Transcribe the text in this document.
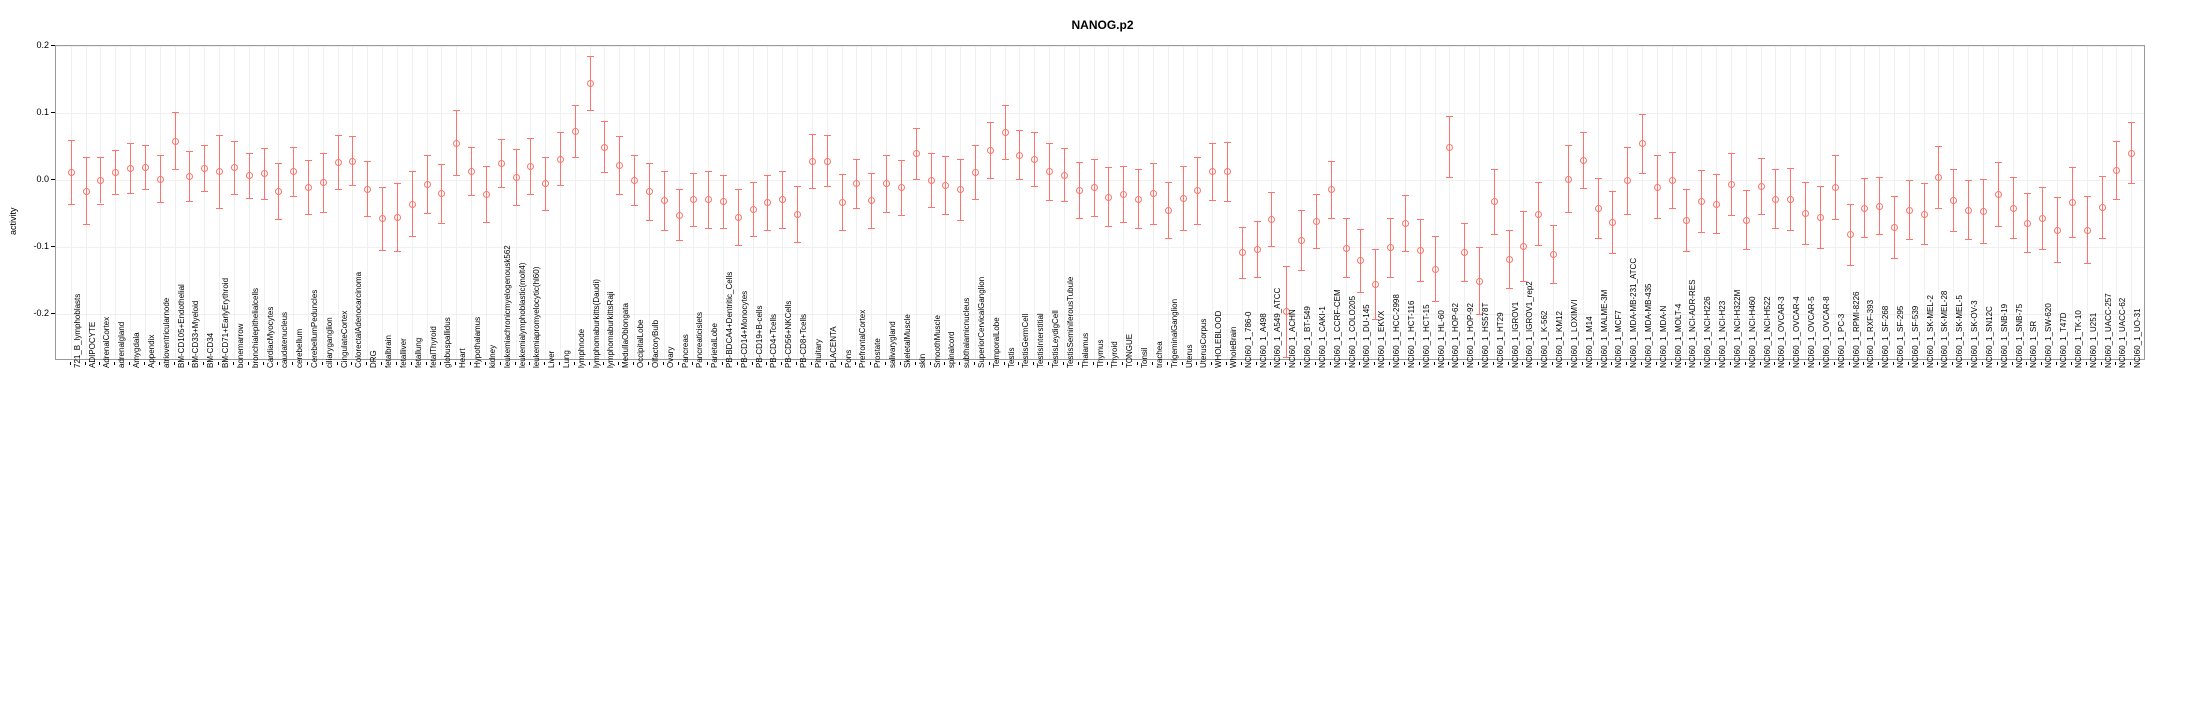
NANOG.p2
activity
0.2
0.1
0.0
-0.1
-0.2	721_B_lymphoblasts ADIPOCYTE AdrenalCortex adrenalgland Amygdala Appendix atrioventricularnode BM-CD105+Endothelial BM-CD33+Myeloid BM-CD34 BM-CD71+EarlyErythroid bonemarrow bronchialepithelialcells CardiacMyocytes caudatenucleus cerebellum CerebellumPeduncles ciliaryganglion CingulateCortex ColorectalAdenocarcinoma DRG fetalbrain fetalliver fetallung fetalThyroid globuspallidus Heart Hypothalamus kidney leukemiachronicmyelogenousk562 leukemialymphoblastic(molt4) leukemiapromyelocytic(hl60) Liver Lung lymphnode lymphomaburkitts(Daudi) lymphomaburkittsRaji MedullaOblongata OccipitalLobe OlfactoryBulb Ovary Pancreas Pancreaticislets ParietalLobe PB-BDCA4+Dentritic_Cells PB-CD14+Monocytes PB-CD19+B-cells PB-CD4+Tcells PB-CD56+NKCells PB-CD8+Tcells Pituitary PLACENTA Pons PrefrontalCortex Prostate salivarygland SkeletalMuscle skin SmoothMuscle spinalcord subthalamicnucleus SuperiorCervicalGanglion TemporalLobe Testis TestisGermCell TestisInterstitial TestisLeydigCell TestisSeminiferousTubule Thalamus Thymus Thyroid TONGUE Tonsil trachea TrigeminalGanglion Uterus UterusCorpus WHOLEBLOOD WholeBrain NCI60_1_786-0 NCI60_1_A498 NCI60_1_A549_ATCC NCI60_1_ACHN NCI60_1_BT-549 NCI60_1_CAKI-1 NCI60_1_CCRF-CEM NCI60_1_COLO205 NCI60_1_DU-145 NCI60_1_EKVX NCI60_1_HCC-2998 NCI60_1_HCT-116 NCI60_1_HCT-15 NCI60_1_HL-60 NCI60_1_HOP-62 NCI60_1_HOP-92 NCI60_1_HS578T NCI60_1_HT29 NCI60_1_IGROV1 NCI60_1_IGROV1_rep2 NCI60_1_K-562 NCI60_1_KM12 NCI60_1_LOXIMVI NCI60_1_M14 NCI60_1_MALME-3M NCI60_1_MCF7 NCI60_1_MDA-MB-231_ATCC NCI60_1_MDA-MB-435 NCI60_1_MDA-N NCI60_1_MOLT-4 NCI60_1_NCI-ADR-RES NCI60_1_NCI-H226 NCI60_1_NCI-H23 NCI60_1_NCI-H322M NCI60_1_NCI-H460 NCI60_1_NCI-H522 NCI60_1_OVCAR-3 NCI60_1_OVCAR-4 NCI60_1_OVCAR-5 NCI60_1_OVCAR-8 NCI60_1_PC-3 NCI60_1_RPMI-8226 NCI60_1_RXF-393 NCI60_1_SF-268 NCI60_1_SF-295 NCI60_1_SF-539 NCI60_1_SK-MEL-2 NCI60_1_SK-MEL-28 NCI60_1_SK-MEL-5 NCI60_1_SK-OV-3 NCI60_1_SN12C NCI60_1_SNB-19 NCI60_1_SNB-75 NCI60_1_SR NCI60_1_SW-620 NCI60_1_T47D NCI60_1_TK-10 NCI60_1_U251 NCI60_1_UACC-257 NCI60_1_UACC-62 NCI60_1_UO-31
